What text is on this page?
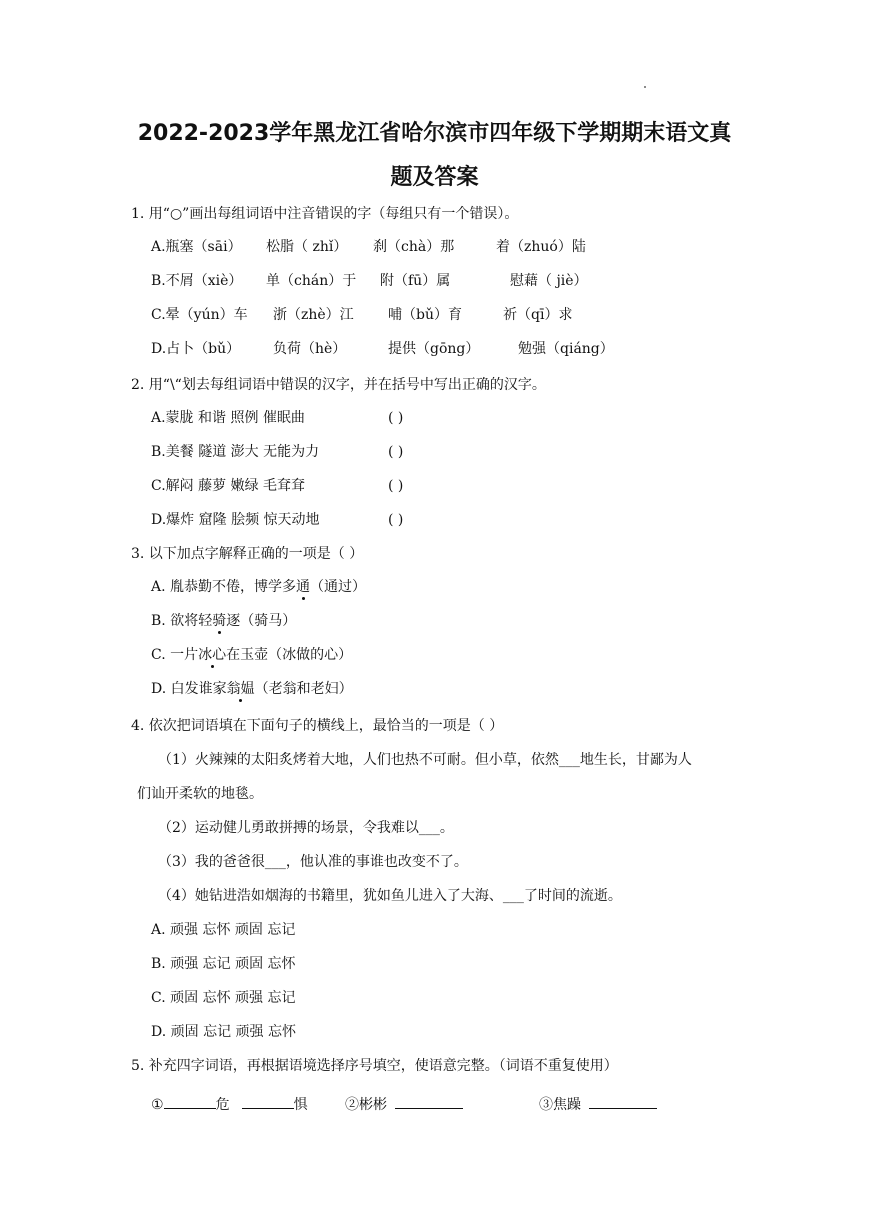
2022-2023学年黑龙江省哈尔滨市四年级下学期期末语文真
题及答案
1. 用“○”画出每组词语中注音错误的字（每组只有一个错误）。
A.瓶塞（sāi） 松脂（ zhǐ） 刹（chà）那	着（zhuó）陆
B.不屑（xiè） 单（chán）于 附（fū）属	慰藉（ jiè）
C.晕（yún）车 浙（zhè）江 哺（bǔ）育	祈（qī）求
D.占卜（bǔ） 负荷（hè）	提供（gōng）	勉强（qiáng）
2. 用“\“划去每组词语中错误的汉字，并在括号中写出正确的汉字。
A.蒙胧 和谐 照例 催眠曲	( )
B.美餐 隧道 澎大 无能为力	( )
C.解闷 藤萝 嫩绿 毛耷耷	( )
D.爆炸 窟隆 脍频 惊天动地	( )
3. 以下加点字解释正确的一项是（ ）
A. 胤恭勤不倦，博学多通（通过）
B. 欲将轻骑逐（骑马）
C. 一片冰心在玉壶（冰做的心）
D. 白发谁家翁媪（老翁和老妇）
4. 依次把词语填在下面句子的横线上，最恰当的一项是（ ）
（1）火辣辣的太阳炙烤着大地，人们也热不可耐。但小草，依然___地生长，甘鄙为人
们讪开柔软的地毯。
（2）运动健儿勇敢拼搏的场景，令我难以___。
（3）我的爸爸很___，他认准的事谁也改变不了。
（4）她钻进浩如烟海的书籍里，犹如鱼儿进入了大海、___了时间的流逝。
A. 顽强 忘怀 顽固 忘记
B. 顽强 忘记 顽固 忘怀
C. 顽固 忘怀 顽强 忘记
D. 顽固 忘记 顽强 忘怀
5. 补充四字词语，再根据语境选择序号填空，使语意完整。（词语不重复使用）
①	危	惧	②彬彬	③焦躁
